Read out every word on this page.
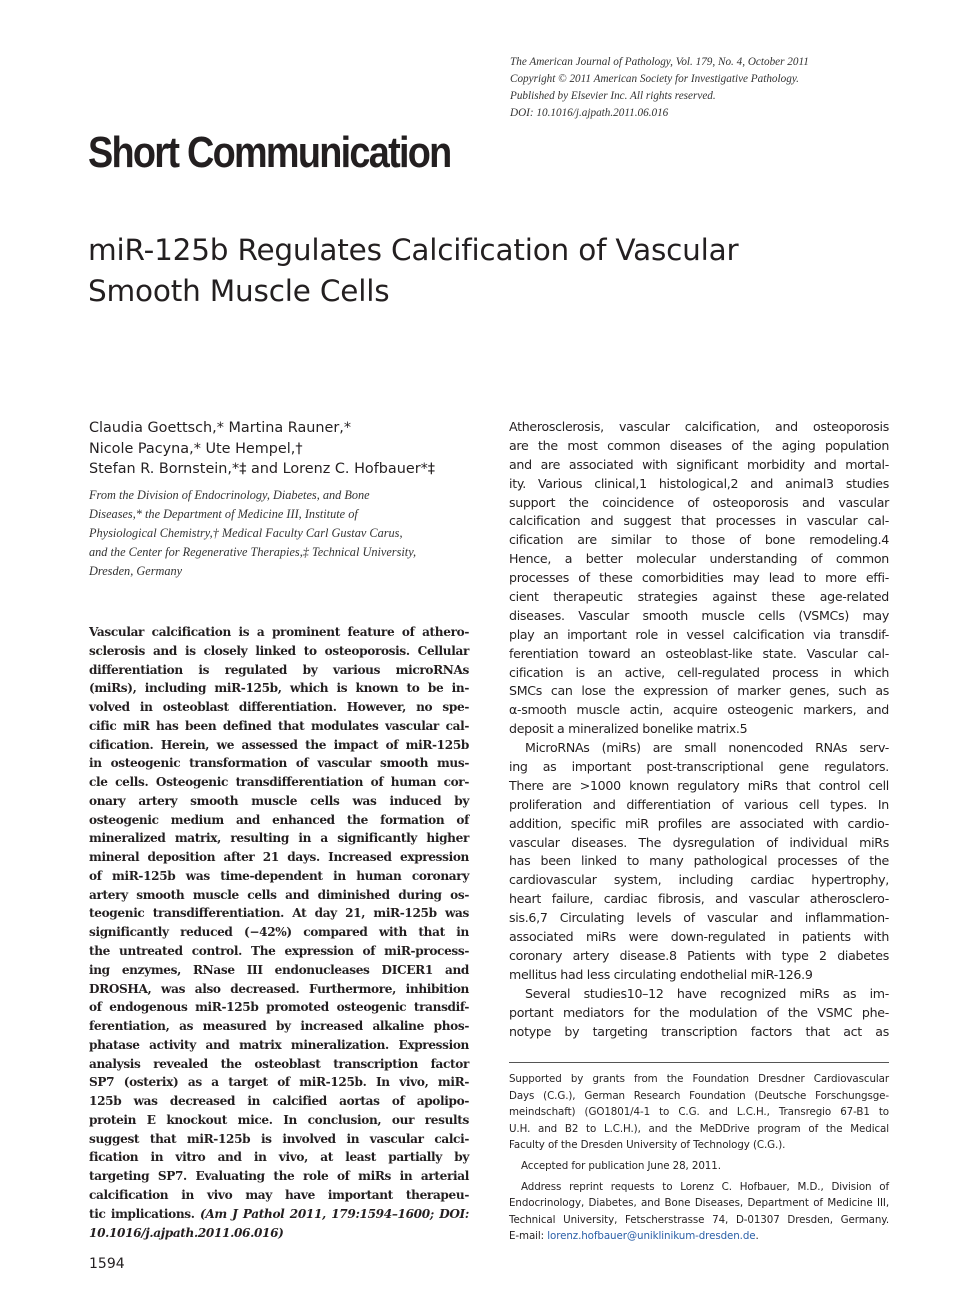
The American Journal of Pathology, Vol. 179, No. 4, October 2011
Copyright © 2011 American Society for Investigative Pathology.
Published by Elsevier Inc. All rights reserved.
DOI: 10.1016/j.ajpath.2011.06.016
Short Communication
miR-125b Regulates Calcification of Vascular
Smooth Muscle Cells
Claudia Goettsch,* Martina Rauner,*
Nicole Pacyna,* Ute Hempel,†
Stefan R. Bornstein,*‡ and Lorenz C. Hofbauer*‡
From the Division of Endocrinology, Diabetes, and Bone
Diseases,* the Department of Medicine III, Institute of
Physiological Chemistry,† Medical Faculty Carl Gustav Carus,
and the Center for Regenerative Therapies,‡ Technical University,
Dresden, Germany
Vascular calcification is a prominent feature of athero-
sclerosis and is closely linked to osteoporosis. Cellular
differentiation is regulated by various microRNAs
(miRs), including miR-125b, which is known to be in-
volved in osteoblast differentiation. However, no spe-
cific miR has been defined that modulates vascular cal-
cification. Herein, we assessed the impact of miR-125b
in osteogenic transformation of vascular smooth mus-
cle cells. Osteogenic transdifferentiation of human cor-
onary artery smooth muscle cells was induced by
osteogenic medium and enhanced the formation of
mineralized matrix, resulting in a significantly higher
mineral deposition after 21 days. Increased expression
of miR-125b was time-dependent in human coronary
artery smooth muscle cells and diminished during os-
teogenic transdifferentiation. At day 21, miR-125b was
significantly reduced (−42%) compared with that in
the untreated control. The expression of miR-process-
ing enzymes, RNase III endonucleases DICER1 and
DROSHA, was also decreased. Furthermore, inhibition
of endogenous miR-125b promoted osteogenic transdif-
ferentiation, as measured by increased alkaline phos-
phatase activity and matrix mineralization. Expression
analysis revealed the osteoblast transcription factor
SP7 (osterix) as a target of miR-125b. In vivo, miR-
125b was decreased in calcified aortas of apolipo-
protein E knockout mice. In conclusion, our results
suggest that miR-125b is involved in vascular calci-
fication in vitro and in vivo, at least partially by
targeting SP7. Evaluating the role of miRs in arterial
calcification in vivo may have important therapeu-
tic implications. (Am J Pathol 2011, 179:1594–1600; DOI:
10.1016/j.ajpath.2011.06.016)
Atherosclerosis, vascular calcification, and osteoporosis
are the most common diseases of the aging population
and are associated with significant morbidity and mortal-
ity. Various clinical,1 histological,2 and animal3 studies
support the coincidence of osteoporosis and vascular
calcification and suggest that processes in vascular cal-
cification are similar to those of bone remodeling.4
Hence, a better molecular understanding of common
processes of these comorbidities may lead to more effi-
cient therapeutic strategies against these age-related
diseases. Vascular smooth muscle cells (VSMCs) may
play an important role in vessel calcification via transdif-
ferentiation toward an osteoblast-like state. Vascular cal-
cification is an active, cell-regulated process in which
SMCs can lose the expression of marker genes, such as
α-smooth muscle actin, acquire osteogenic markers, and
deposit a mineralized bonelike matrix.5
MicroRNAs (miRs) are small nonencoded RNAs serv-
ing as important post-transcriptional gene regulators.
There are >1000 known regulatory miRs that control cell
proliferation and differentiation of various cell types. In
addition, specific miR profiles are associated with cardio-
vascular diseases. The dysregulation of individual miRs
has been linked to many pathological processes of the
cardiovascular system, including cardiac hypertrophy,
heart failure, cardiac fibrosis, and vascular atherosclero-
sis.6,7 Circulating levels of vascular and inflammation-
associated miRs were down-regulated in patients with
coronary artery disease.8 Patients with type 2 diabetes
mellitus had less circulating endothelial miR-126.9
Several studies10–12 have recognized miRs as im-
portant mediators for the modulation of the VSMC phe-
notype by targeting transcription factors that act as
Supported by grants from the Foundation Dresdner Cardiovascular
Days (C.G.), German Research Foundation (Deutsche Forschungsge-
meindschaft) (GO1801/4-1 to C.G. and L.C.H., Transregio 67-B1 to
U.H. and B2 to L.C.H.), and the MeDDrive program of the Medical
Faculty of the Dresden University of Technology (C.G.).
Accepted for publication June 28, 2011.
Address reprint requests to Lorenz C. Hofbauer, M.D., Division of
Endocrinology, Diabetes, and Bone Diseases, Department of Medicine III,
Technical University, Fetscherstrasse 74, D-01307 Dresden, Germany.
E-mail: lorenz.hofbauer@uniklinikum-dresden.de.
1594
